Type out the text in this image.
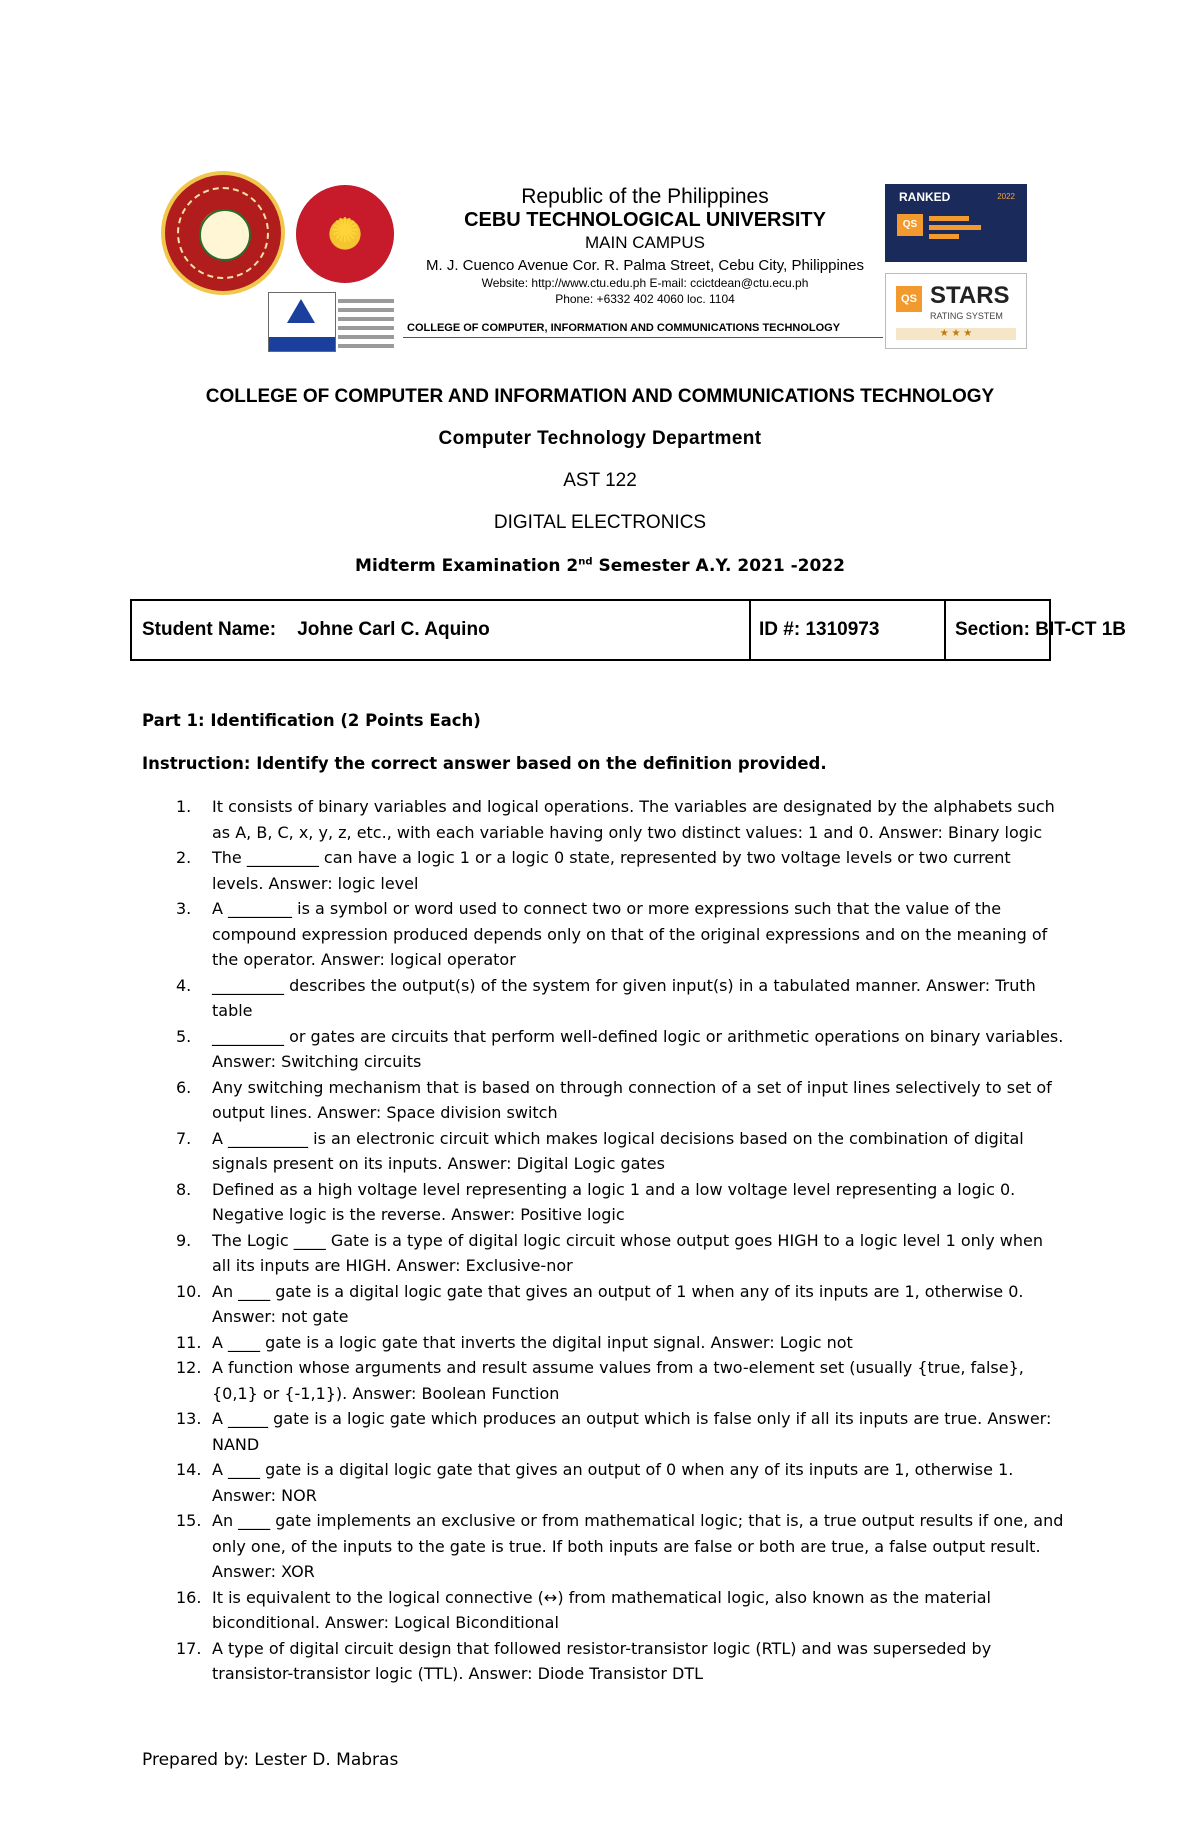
✺
Republic of the Philippines
CEBU TECHNOLOGICAL UNIVERSITY
MAIN CAMPUS
M. J. Cuenco Avenue Cor. R. Palma Street, Cebu City, Philippines
Website: http://www.ctu.edu.ph E-mail: ccictdean@ctu.ecu.ph
Phone: +6332 402 4060 loc. 1104
COLLEGE OF COMPUTER, INFORMATION AND COMMUNICATIONS TECHNOLOGY
RANKED	2022
QS
QS STARS
RATING SYSTEM
★ ★ ★
COLLEGE OF COMPUTER AND INFORMATION AND COMMUNICATIONS TECHNOLOGY
Computer Technology Department
AST 122
DIGITAL ELECTRONICS
Midterm Examination 2nd Semester A.Y. 2021 -2022
Student Name: Johne Carl C. Aquino	ID #: 1310973	Section: BIT-CT 1B
Part 1: Identification (2 Points Each)
Instruction: Identify the correct answer based on the definition provided.
1.	It consists of binary variables and logical operations. The variables are designated by the alphabets such as A, B, C, x, y, z, etc., with each variable having only two distinct values: 1 and 0. Answer: Binary logic
2.	The _________ can have a logic 1 or a logic 0 state, represented by two voltage levels or two current levels. Answer: logic level
3.	A ________ is a symbol or word used to connect two or more expressions such that the value of the compound expression produced depends only on that of the original expressions and on the meaning of the operator. Answer: logical operator
4.	_________ describes the output(s) of the system for given input(s) in a tabulated manner. Answer: Truth table
5.	_________ or gates are circuits that perform well-defined logic or arithmetic operations on binary variables. Answer: Switching circuits
6.	Any switching mechanism that is based on through connection of a set of input lines selectively to set of output lines. Answer: Space division switch
7.	A __________ is an electronic circuit which makes logical decisions based on the combination of digital signals present on its inputs. Answer: Digital Logic gates
8.	Defined as a high voltage level representing a logic 1 and a low voltage level representing a logic 0. Negative logic is the reverse. Answer: Positive logic
9.	The Logic ____ Gate is a type of digital logic circuit whose output goes HIGH to a logic level 1 only when all its inputs are HIGH. Answer: Exclusive-nor
10. An ____ gate is a digital logic gate that gives an output of 1 when any of its inputs are 1, otherwise 0. Answer: not gate
11. A ____ gate is a logic gate that inverts the digital input signal. Answer: Logic not
12. A function whose arguments and result assume values from a two-element set (usually {true, false}, {0,1} or {-1,1}). Answer: Boolean Function
13. A _____ gate is a logic gate which produces an output which is false only if all its inputs are true. Answer: NAND
14. A ____ gate is a digital logic gate that gives an output of 0 when any of its inputs are 1, otherwise 1. Answer: NOR
15. An ____ gate implements an exclusive or from mathematical logic; that is, a true output results if one, and only one, of the inputs to the gate is true. If both inputs are false or both are true, a false output result. Answer: XOR
16. It is equivalent to the logical connective (↔) from mathematical logic, also known as the material biconditional. Answer: Logical Biconditional
17. A type of digital circuit design that followed resistor-transistor logic (RTL) and was superseded by transistor-transistor logic (TTL). Answer: Diode Transistor DTL
Prepared by: Lester D. Mabras
